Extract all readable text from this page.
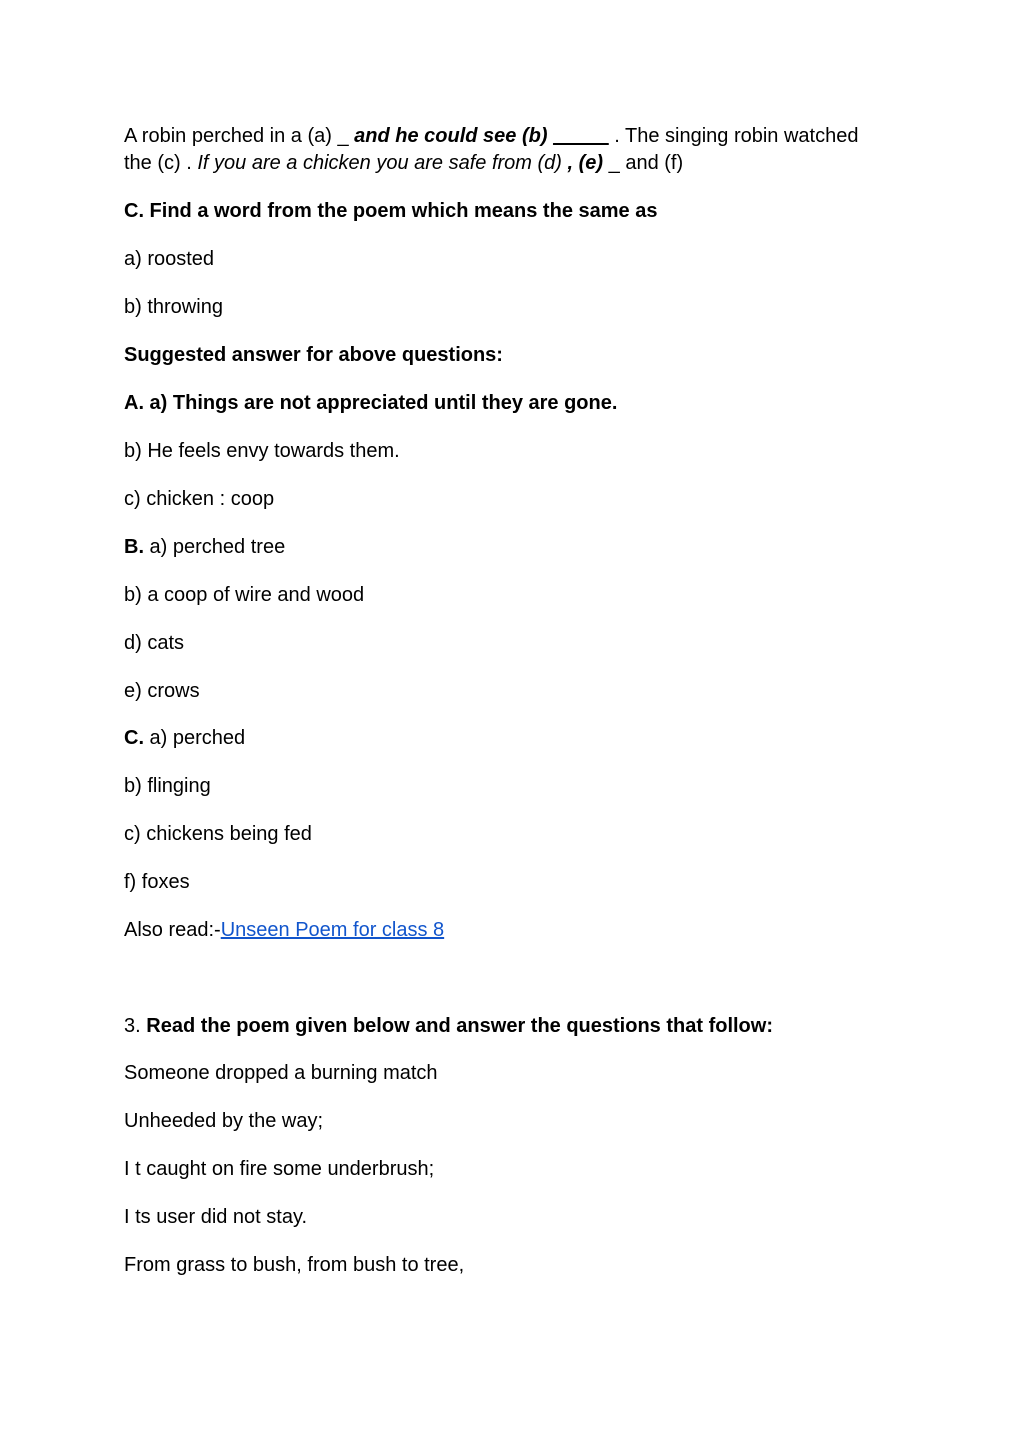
A robin perched in a (a) _ and he could see (b) _____ . The singing robin watched

the (c) . If you are a chicken you are safe from (d) , (e) _ and (f)

C. Find a word from the poem which means the same as

a) roosted

b) throwing

Suggested answer for above questions:

A. a) Things are not appreciated until they are gone.

b) He feels envy towards them.

c) chicken : coop

B. a) perched tree

b) a coop of wire and wood

d) cats

e) crows

C. a) perched

b) flinging

c) chickens being fed

f) foxes

Also read:-Unseen Poem for class 8

3. Read the poem given below and answer the questions that follow:

Someone dropped a burning match

Unheeded by the way;

I t caught on fire some underbrush;

I ts user did not stay.

From grass to bush, from bush to tree,
